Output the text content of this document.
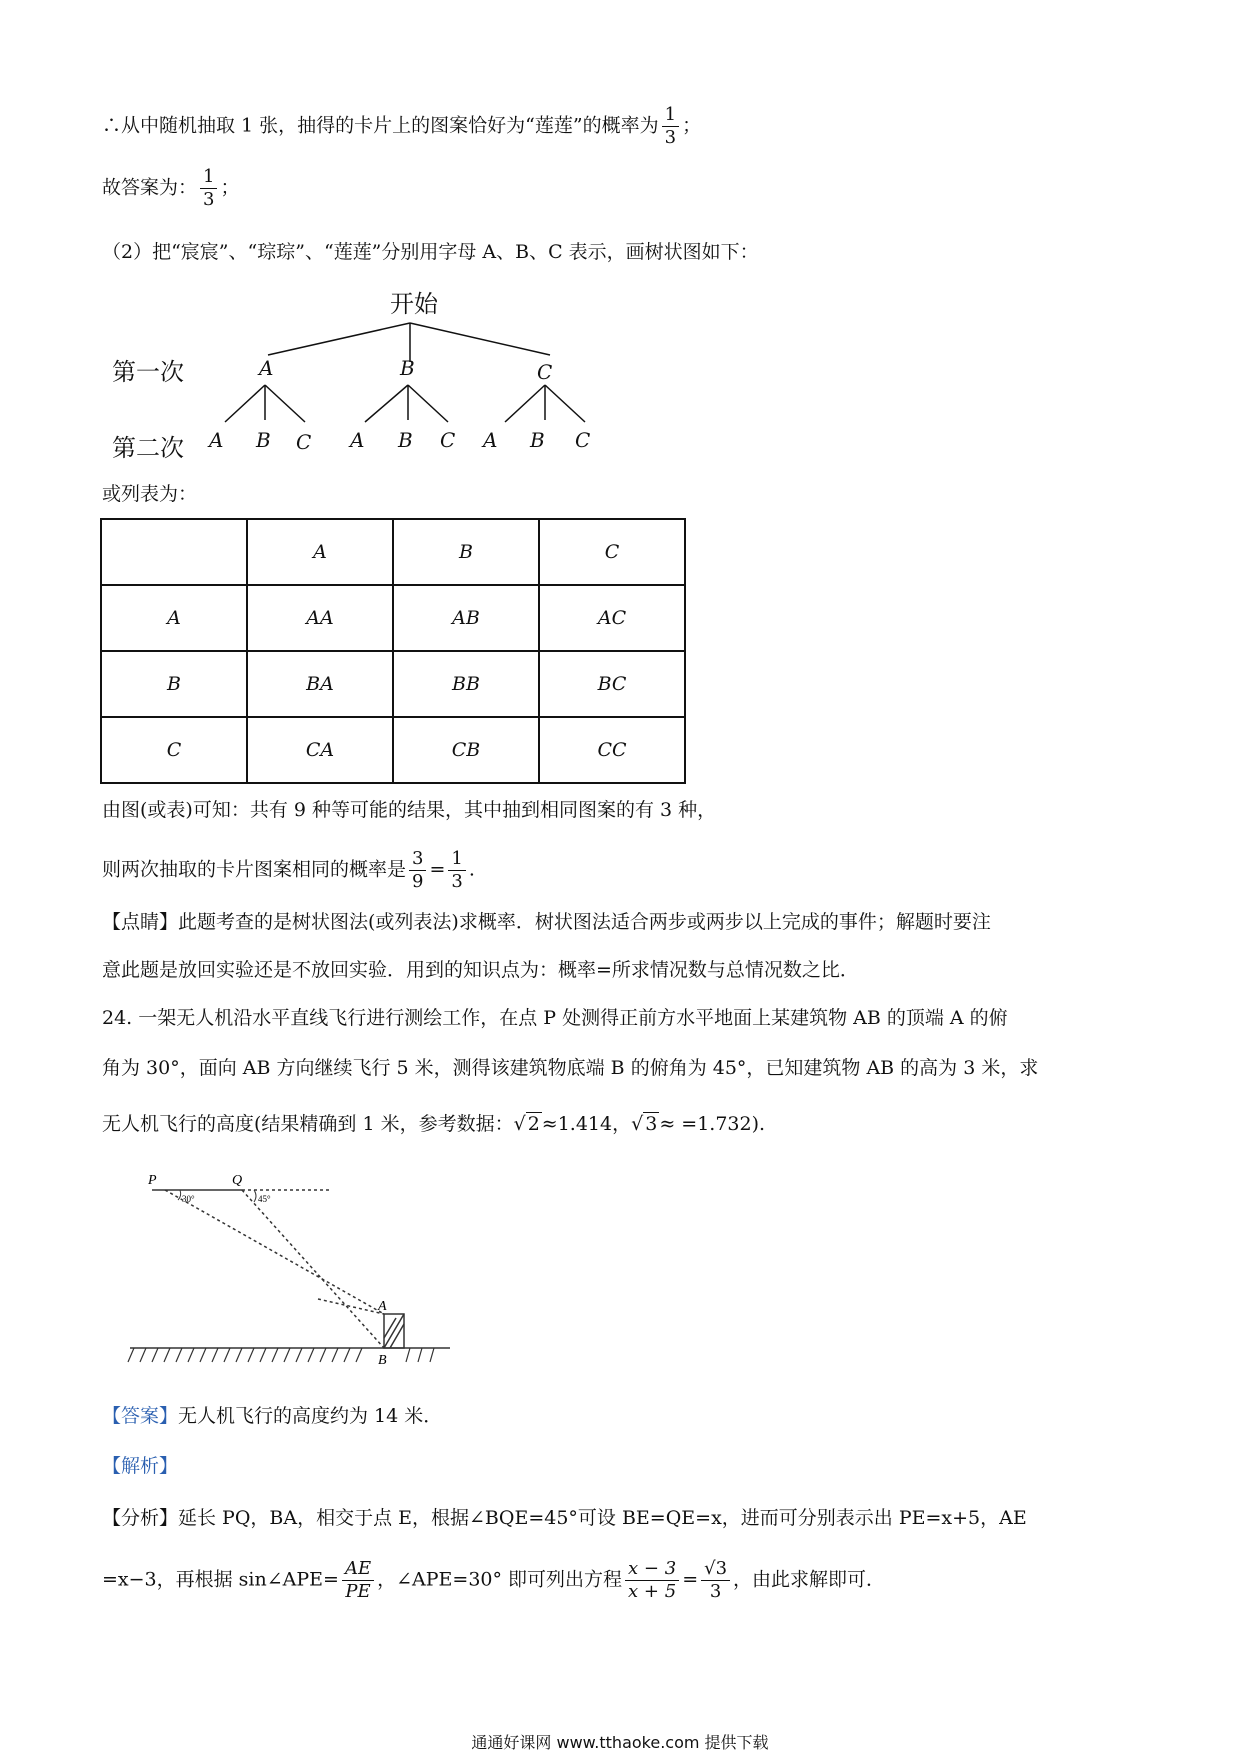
∴从中随机抽取 1 张，抽得的卡片上的图案恰好为“莲莲”的概率为 $\frac{1}{3}$ ；
故答案为： $\frac{1}{3}$ ；
（2）把“宸宸”、“琮琮”、“莲莲”分别用字母 A、B、C 表示，画树状图如下：
开始
第一次
第二次
A	B	C
A B C A B C A B C
或列表为：
	A	B	C
A	AA	AB	AC
B	BA	BB	BC
C	CA	CB	CC
由图(或表)可知：共有 9 种等可能的结果，其中抽到相同图案的有 3 种，
则两次抽取的卡片图案相同的概率是 $\frac{3}{9} = \frac{1}{3}$ .
【点睛】此题考查的是树状图法(或列表法)求概率．树状图法适合两步或两步以上完成的事件；解题时要注
意此题是放回实验还是不放回实验．用到的知识点为：概率=所求情况数与总情况数之比．
24. 一架无人机沿水平直线飞行进行测绘工作，在点 P 处测得正前方水平地面上某建筑物 AB 的顶端 A 的俯
角为 30°，面向 AB 方向继续飞行 5 米，测得该建筑物底端 B 的俯角为 45°，已知建筑物 AB 的高为 3 米，求
无人机飞行的高度(结果精确到 1 米，参考数据：√ 2 ≈1.414，√ 3 ≈ =1.732).
P	Q
A
B
30°	45°
【答案】无人机飞行的高度约为 14 米．
【解析】
【分析】延长 PQ，BA，相交于点 E，根据∠BQE=45°可设 BE=QE=x，进而可分别表示出 PE=x+5，AE
=x−3，再根据 sin∠APE= $\frac{AE}{PE}$ ，∠APE=30° 即可列出方程 $\frac{x - 3}{x + 5} = \frac{√3}{3}$ ，由此求解即可．
通通好课网 www.tthaoke.com 提供下载
